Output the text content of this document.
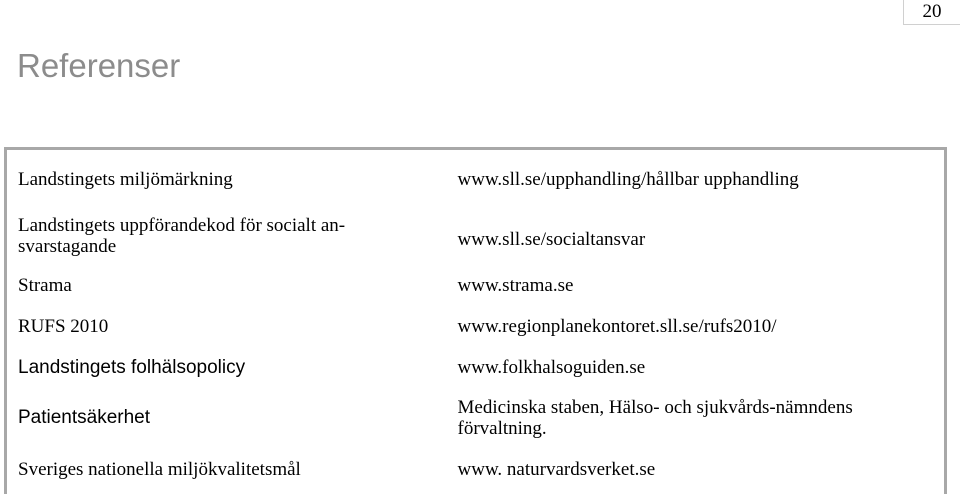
20
Referenser
Landstingets miljömärkning	www.sll.se/upphandling/hållbar upphandling
Landstingets uppförandekod för socialt an-svarstagande	www.sll.se/socialtansvar
Strama	www.strama.se
RUFS 2010	www.regionplanekontoret.sll.se/rufs2010/
Landstingets folhälsopolicy	www.folkhalsoguiden.se
Patientsäkerhet	Medicinska staben, Hälso- och sjukvårds-nämndens förvaltning.
Sveriges nationella miljökvalitetsmål	www. naturvardsverket.se
